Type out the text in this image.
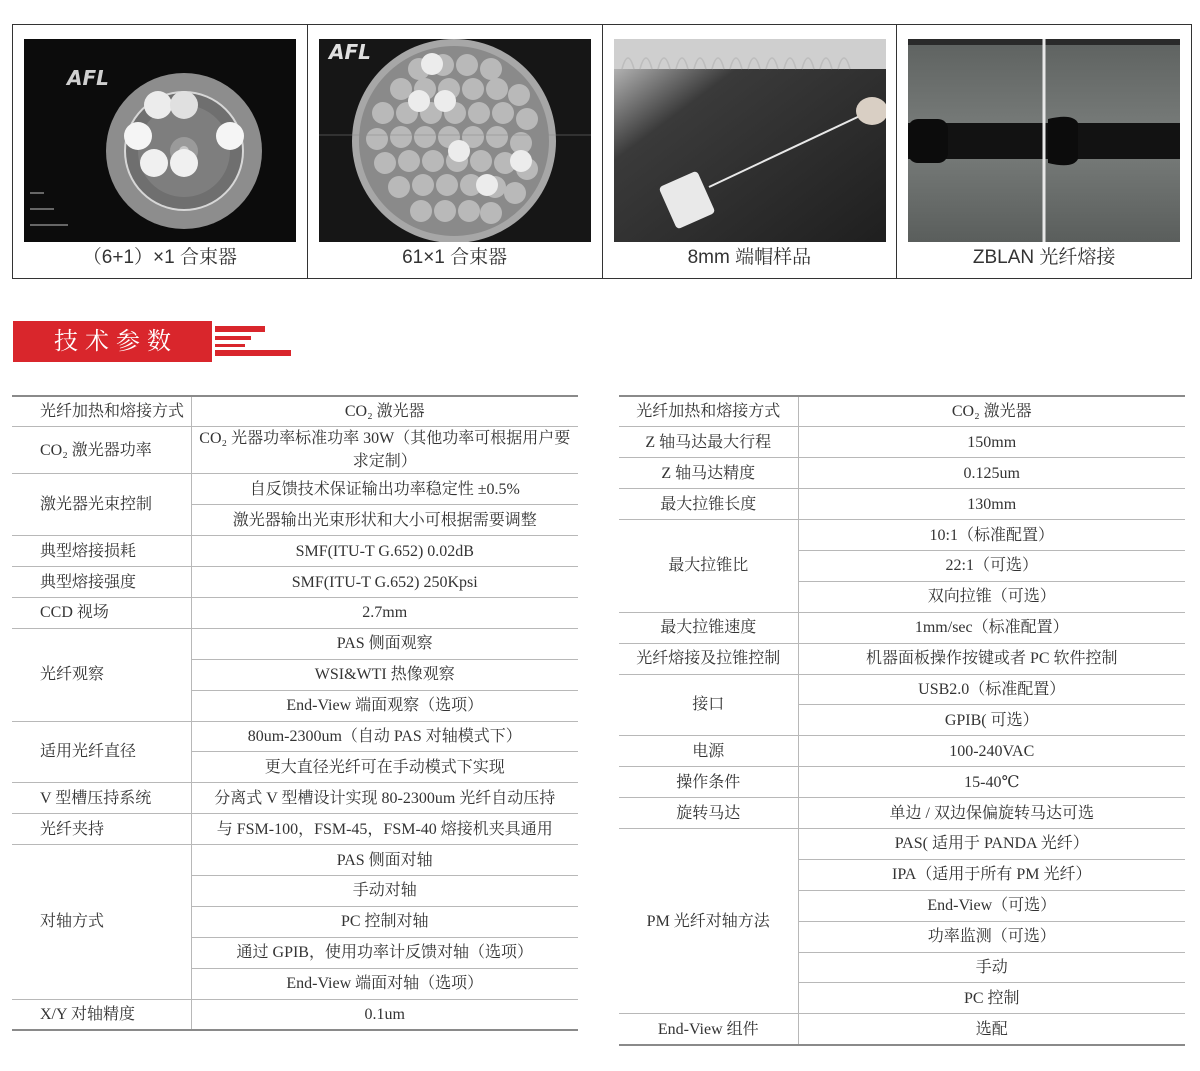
AFL
（6+1）×1 合束器
AFL
61×1 合束器	8mm 端帽样品	ZBLAN 光纤熔接
技术参数
光纤加热和熔接方式	CO₂ 激光器
CO₂ 激光器功率	CO₂ 光器功率标准功率 30W（其他功率可根据用户要求定制）
激光器光束控制	自反馈技术保证输出功率稳定性 ±0.5%
	激光器输出光束形状和大小可根据需要调整
典型熔接损耗	SMF(ITU-T G.652) 0.02dB
典型熔接强度	SMF(ITU-T G.652) 250Kpsi
CCD 视场	2.7mm
光纤观察	PAS 侧面观察
	WSI&WTI 热像观察
	End-View 端面观察（选项）
适用光纤直径	80um-2300um（自动 PAS 对轴模式下）
	更大直径光纤可在手动模式下实现
V 型槽压持系统	分离式 V 型槽设计实现 80-2300um 光纤自动压持
光纤夹持	与 FSM-100，FSM-45，FSM-40 熔接机夹具通用
对轴方式	PAS 侧面对轴
	手动对轴
	PC 控制对轴
	通过 GPIB，使用功率计反馈对轴（选项）
	End-View 端面对轴（选项）
X/Y 对轴精度	0.1um
光纤加热和熔接方式	CO₂ 激光器
Z 轴马达最大行程	150mm
Z 轴马达精度	0.125um
最大拉锥长度	130mm
最大拉锥比	10:1（标准配置）
	22:1（可选）
	双向拉锥（可选）
最大拉锥速度	1mm/sec（标准配置）
光纤熔接及拉锥控制	机器面板操作按键或者 PC 软件控制
接口	USB2.0（标准配置）
	GPIB( 可选）
电源	100-240VAC
操作条件	15-40℃
旋转马达	单边 / 双边保偏旋转马达可选
PM 光纤对轴方法	PAS( 适用于 PANDA 光纤）
	IPA（适用于所有 PM 光纤）
	End-View（可选）
	功率监测（可选）
	手动
	PC 控制
End-View 组件	选配
